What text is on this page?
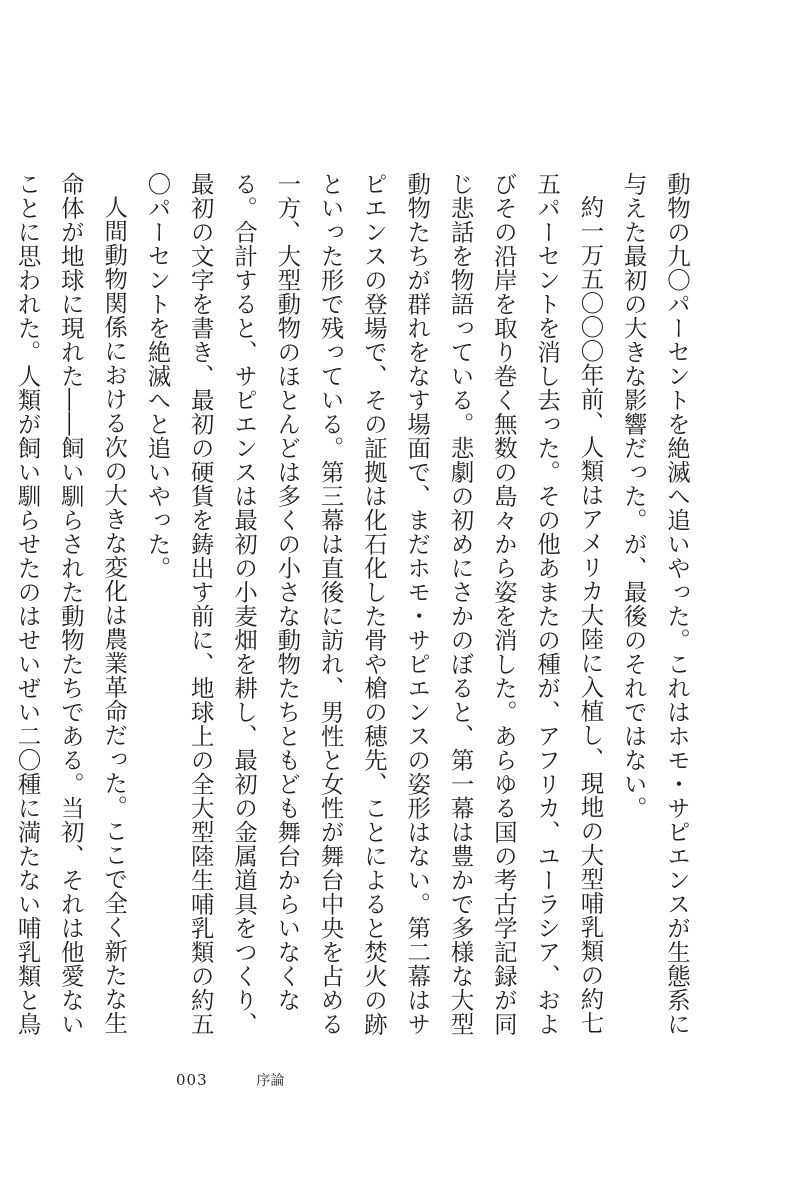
動物の九〇パーセントを絶滅へ追いやった。これはホモ・サピエンスが生態系に与えた最初の大きな影響だった。が、最後のそれではない。

約一万五〇〇〇年前、人類はアメリカ大陸に入植し、現地の大型哺乳類の約七五パーセントを消し去った。その他あまたの種が、アフリカ、ユーラシア、およびその沿岸を取り巻く無数の島々から姿を消した。あらゆる国の考古学記録が同じ悲話を物語っている。悲劇の初めにさかのぼると、第一幕は豊かで多様な大型動物たちが群れをなす場面で、まだホモ・サピエンスの姿形はない。第二幕はサピエンスの登場で、その証拠は化石化した骨や槍の穂先、ことによると焚火の跡といった形で残っている。第三幕は直後に訪れ、男性と女性が舞台中央を占める一方、大型動物のほとんどは多くの小さな動物たちともども舞台からいなくなる。合計すると、サピエンスは最初の小麦畑を耕し、最初の金属道具をつくり、最初の文字を書き、最初の硬貨を鋳出す前に、地球上の全大型陸生哺乳類の約五〇パーセントを絶滅へと追いやった。

人間動物関係における次の大きな変化は農業革命だった。ここで全く新たな生命体が地球に現れた――飼い馴らされた動物たちである。当初、それは他愛ないことに思われた。人類が飼い馴らせたのはせいぜい二〇種に満たない哺乳類と鳥

003	序論
